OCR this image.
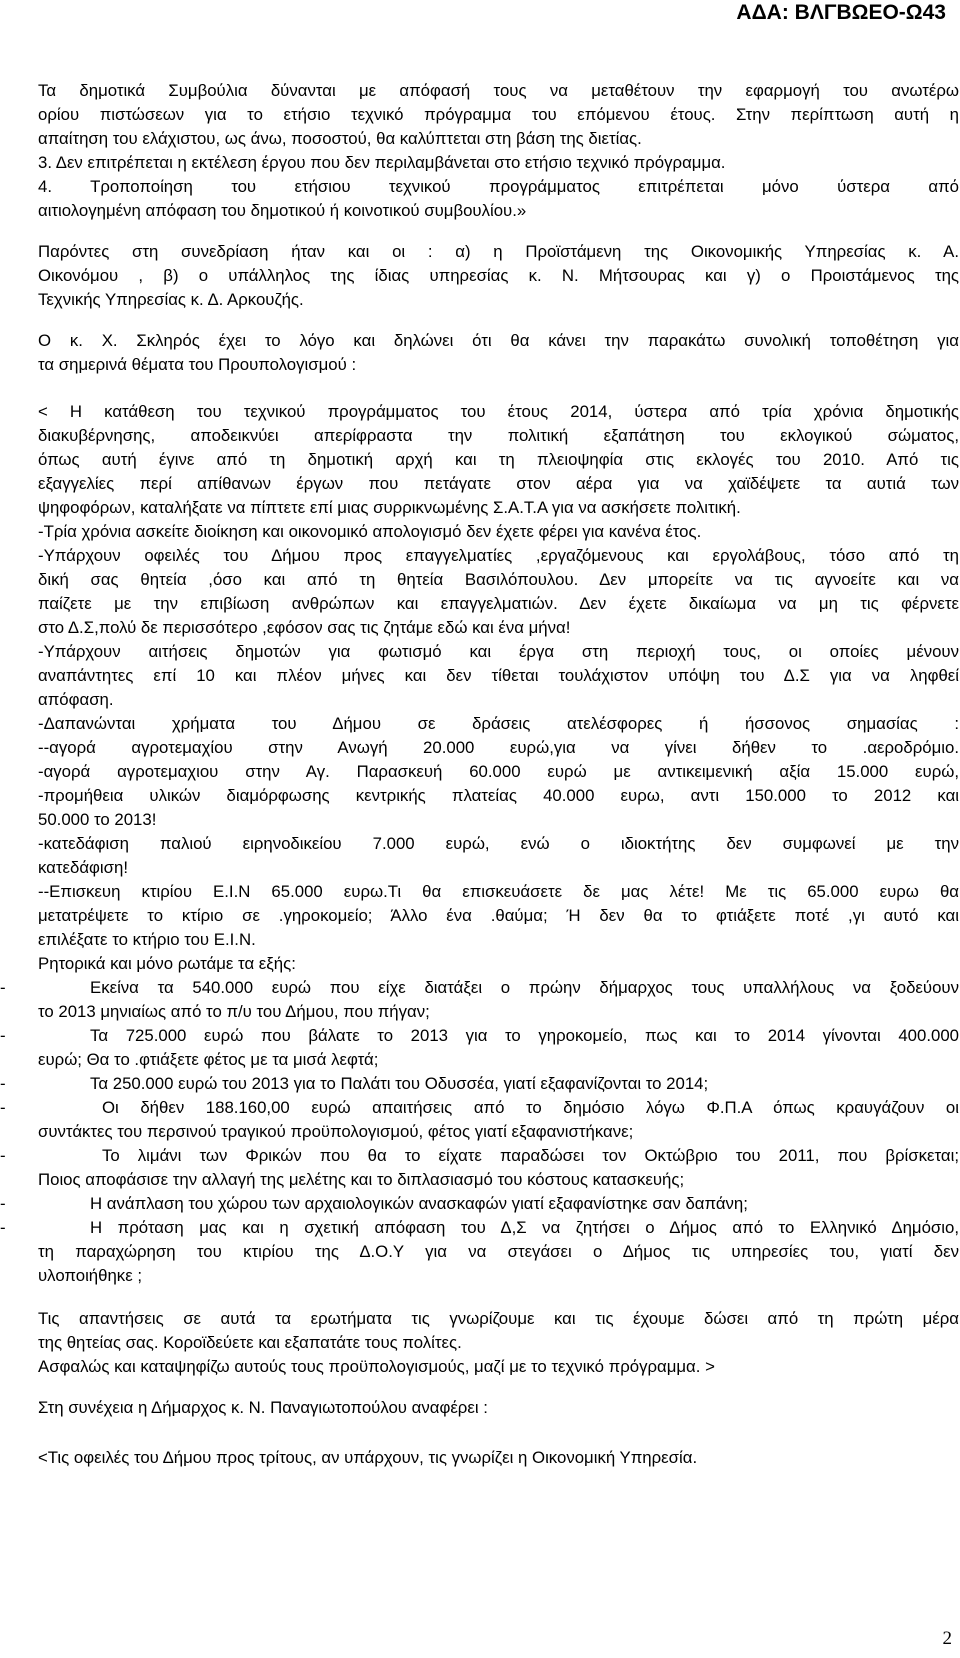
ΑΔΑ: ΒΛΓΒΩΕΟ-Ω43
Τα δημοτικά Συμβούλια δύνανται με απόφασή τους να μεταθέτουν την εφαρμογή του ανωτέρω
ορίου πιστώσεων για το ετήσιο τεχνικό πρόγραμμα του επόμενου έτους. Στην περίπτωση αυτή η
απαίτηση του ελάχιστου, ως άνω, ποσοστού, θα καλύπτεται στη βάση της διετίας.
3. Δεν επιτρέπεται η εκτέλεση έργου που δεν περιλαμβάνεται στο ετήσιο τεχνικό πρόγραμμα.
4. Τροποποίηση του ετήσιου τεχνικού προγράμματος επιτρέπεται μόνο ύστερα από
αιτιολογημένη απόφαση του δημοτικού ή κοινοτικού συμβουλίου.»
Παρόντες στη συνεδρίαση ήταν και οι : α) η Προϊστάμενη της Οικονομικής Υπηρεσίας κ. Α.
Οικονόμου , β) ο υπάλληλος της ίδιας υπηρεσίας κ. Ν. Μήτσουρας και γ) ο Προιστάμενος της
Τεχνικής Υπηρεσίας κ. Δ. Αρκουζής.
Ο κ. Χ. Σκληρός έχει το λόγο και δηλώνει ότι θα κάνει την παρακάτω συνολική τοποθέτηση για
τα σημερινά θέματα του Προυπολογισμού :
< Η κατάθεση του τεχνικού προγράμματος του έτους 2014, ύστερα από τρία χρόνια δημοτικής
διακυβέρνησης, αποδεικνύει απερίφραστα την πολιτική εξαπάτηση του εκλογικού σώματος,
όπως αυτή έγινε από τη δημοτική αρχή και τη πλειοψηφία στις εκλογές του 2010. Από τις
εξαγγελίες περί απίθανων έργων που πετάγατε στον αέρα για να χαϊδέψετε τα αυτιά των
ψηφοφόρων, καταλήξατε να πίπτετε επί μιας συρρικνωμένης Σ.Α.Τ.Α για να ασκήσετε πολιτική.
-Τρία χρόνια ασκείτε διοίκηση και οικονομικό απολογισμό δεν έχετε φέρει για κανένα έτος.
-Υπάρχουν οφειλές του Δήμου προς επαγγελματίες ,εργαζόμενους και εργολάβους, τόσο από τη
δική σας θητεία ,όσο και από τη θητεία Βασιλόπουλου. Δεν μπορείτε να τις αγνοείτε και να
παίζετε με την επιβίωση ανθρώπων και επαγγελματιών. Δεν έχετε δικαίωμα να μη τις φέρνετε
στο Δ.Σ,πολύ δε περισσότερο ,εφόσον σας τις ζητάμε εδώ και ένα μήνα!
-Υπάρχουν αιτήσεις δημοτών για φωτισμό και έργα στη περιοχή τους, οι οποίες μένουν
αναπάντητες επί 10 και πλέον μήνες και δεν τίθεται τουλάχιστον υπόψη του Δ.Σ για να ληφθεί
απόφαση.
-Δαπανώνται χρήματα του Δήμου σε δράσεις ατελέσφορες ή ήσσονος σημασίας :
--αγορά αγροτεμαχίου στην Ανωγή 20.000 ευρώ,για να γίνει δήθεν το .αεροδρόμιο.
-αγορά αγροτεμαχιου στην Αγ. Παρασκευή 60.000 ευρώ με αντικειμενική αξία 15.000 ευρώ,
-προμήθεια υλικών διαμόρφωσης κεντρικής πλατείας 40.000 ευρω, αντι 150.000 το 2012 και
50.000 το 2013!
-κατεδάφιση παλιού ειρηνοδικείου 7.000 ευρώ, ενώ ο ιδιοκτήτης δεν συμφωνεί με την
κατεδάφιση!
--Επισκευη κτιρίου Ε.Ι.Ν 65.000 ευρω.Τι θα επισκευάσετε δε μας λέτε! Με τις 65.000 ευρω θα
μετατρέψετε το κτίριο σε .γηροκομείο; Άλλο ένα .θαύμα; Ή δεν θα το φτιάξετε ποτέ ,γι αυτό και
επιλέξατε το κτήριο του Ε.Ι.Ν.
Ρητορικά και μόνο ρωτάμε τα εξής:
-	Εκείνα τα 540.000 ευρώ που είχε διατάξει ο πρώην δήμαρχος τους υπαλλήλους να ξοδεύουν
το 2013 μηνιαίως από το π/υ του Δήμου, που πήγαν;
-	Τα 725.000 ευρώ που βάλατε το 2013 για το γηροκομείο, πως και το 2014 γίνονται 400.000
ευρώ; Θα το .φτιάξετε φέτος με τα μισά λεφτά;
-	Τα 250.000 ευρώ του 2013 για το Παλάτι του Οδυσσέα, γιατί εξαφανίζονται το 2014;
-	Οι δήθεν 188.160,00 ευρώ απαιτήσεις από το δημόσιο λόγω Φ.Π.Α όπως κραυγάζουν οι
συντάκτες του περσινού τραγικού προϋπολογισμού, φέτος γιατί εξαφανιστήκανε;
-	Το λιμάνι των Φρικών που θα το είχατε παραδώσει τον Οκτώβριο του 2011, που βρίσκεται;
Ποιος αποφάσισε την αλλαγή της μελέτης και το διπλασιασμό του κόστους κατασκευής;
-	Η ανάπλαση του χώρου των αρχαιολογικών ανασκαφών γιατί εξαφανίστηκε σαν δαπάνη;
-	Η πρόταση μας και η σχετική απόφαση του Δ,Σ να ζητήσει ο Δήμος από το Ελληνικό Δημόσιο,
τη παραχώρηση του κτιρίου της Δ.Ο.Υ για να στεγάσει ο Δήμος τις υπηρεσίες του, γιατί δεν
υλοποιήθηκε ;
Τις απαντήσεις σε αυτά τα ερωτήματα τις γνωρίζουμε και τις έχουμε δώσει από τη πρώτη μέρα
της θητείας σας. Κοροϊδεύετε και εξαπατάτε τους πολίτες.
Ασφαλώς και καταψηφίζω αυτούς τους προϋπολογισμούς, μαζί με το τεχνικό πρόγραμμα. >
Στη συνέχεια η Δήμαρχος κ. Ν. Παναγιωτοπούλου αναφέρει :
<Τις οφειλές του Δήμου προς τρίτους, αν υπάρχουν, τις γνωρίζει η Οικονομική Υπηρεσία.
2
